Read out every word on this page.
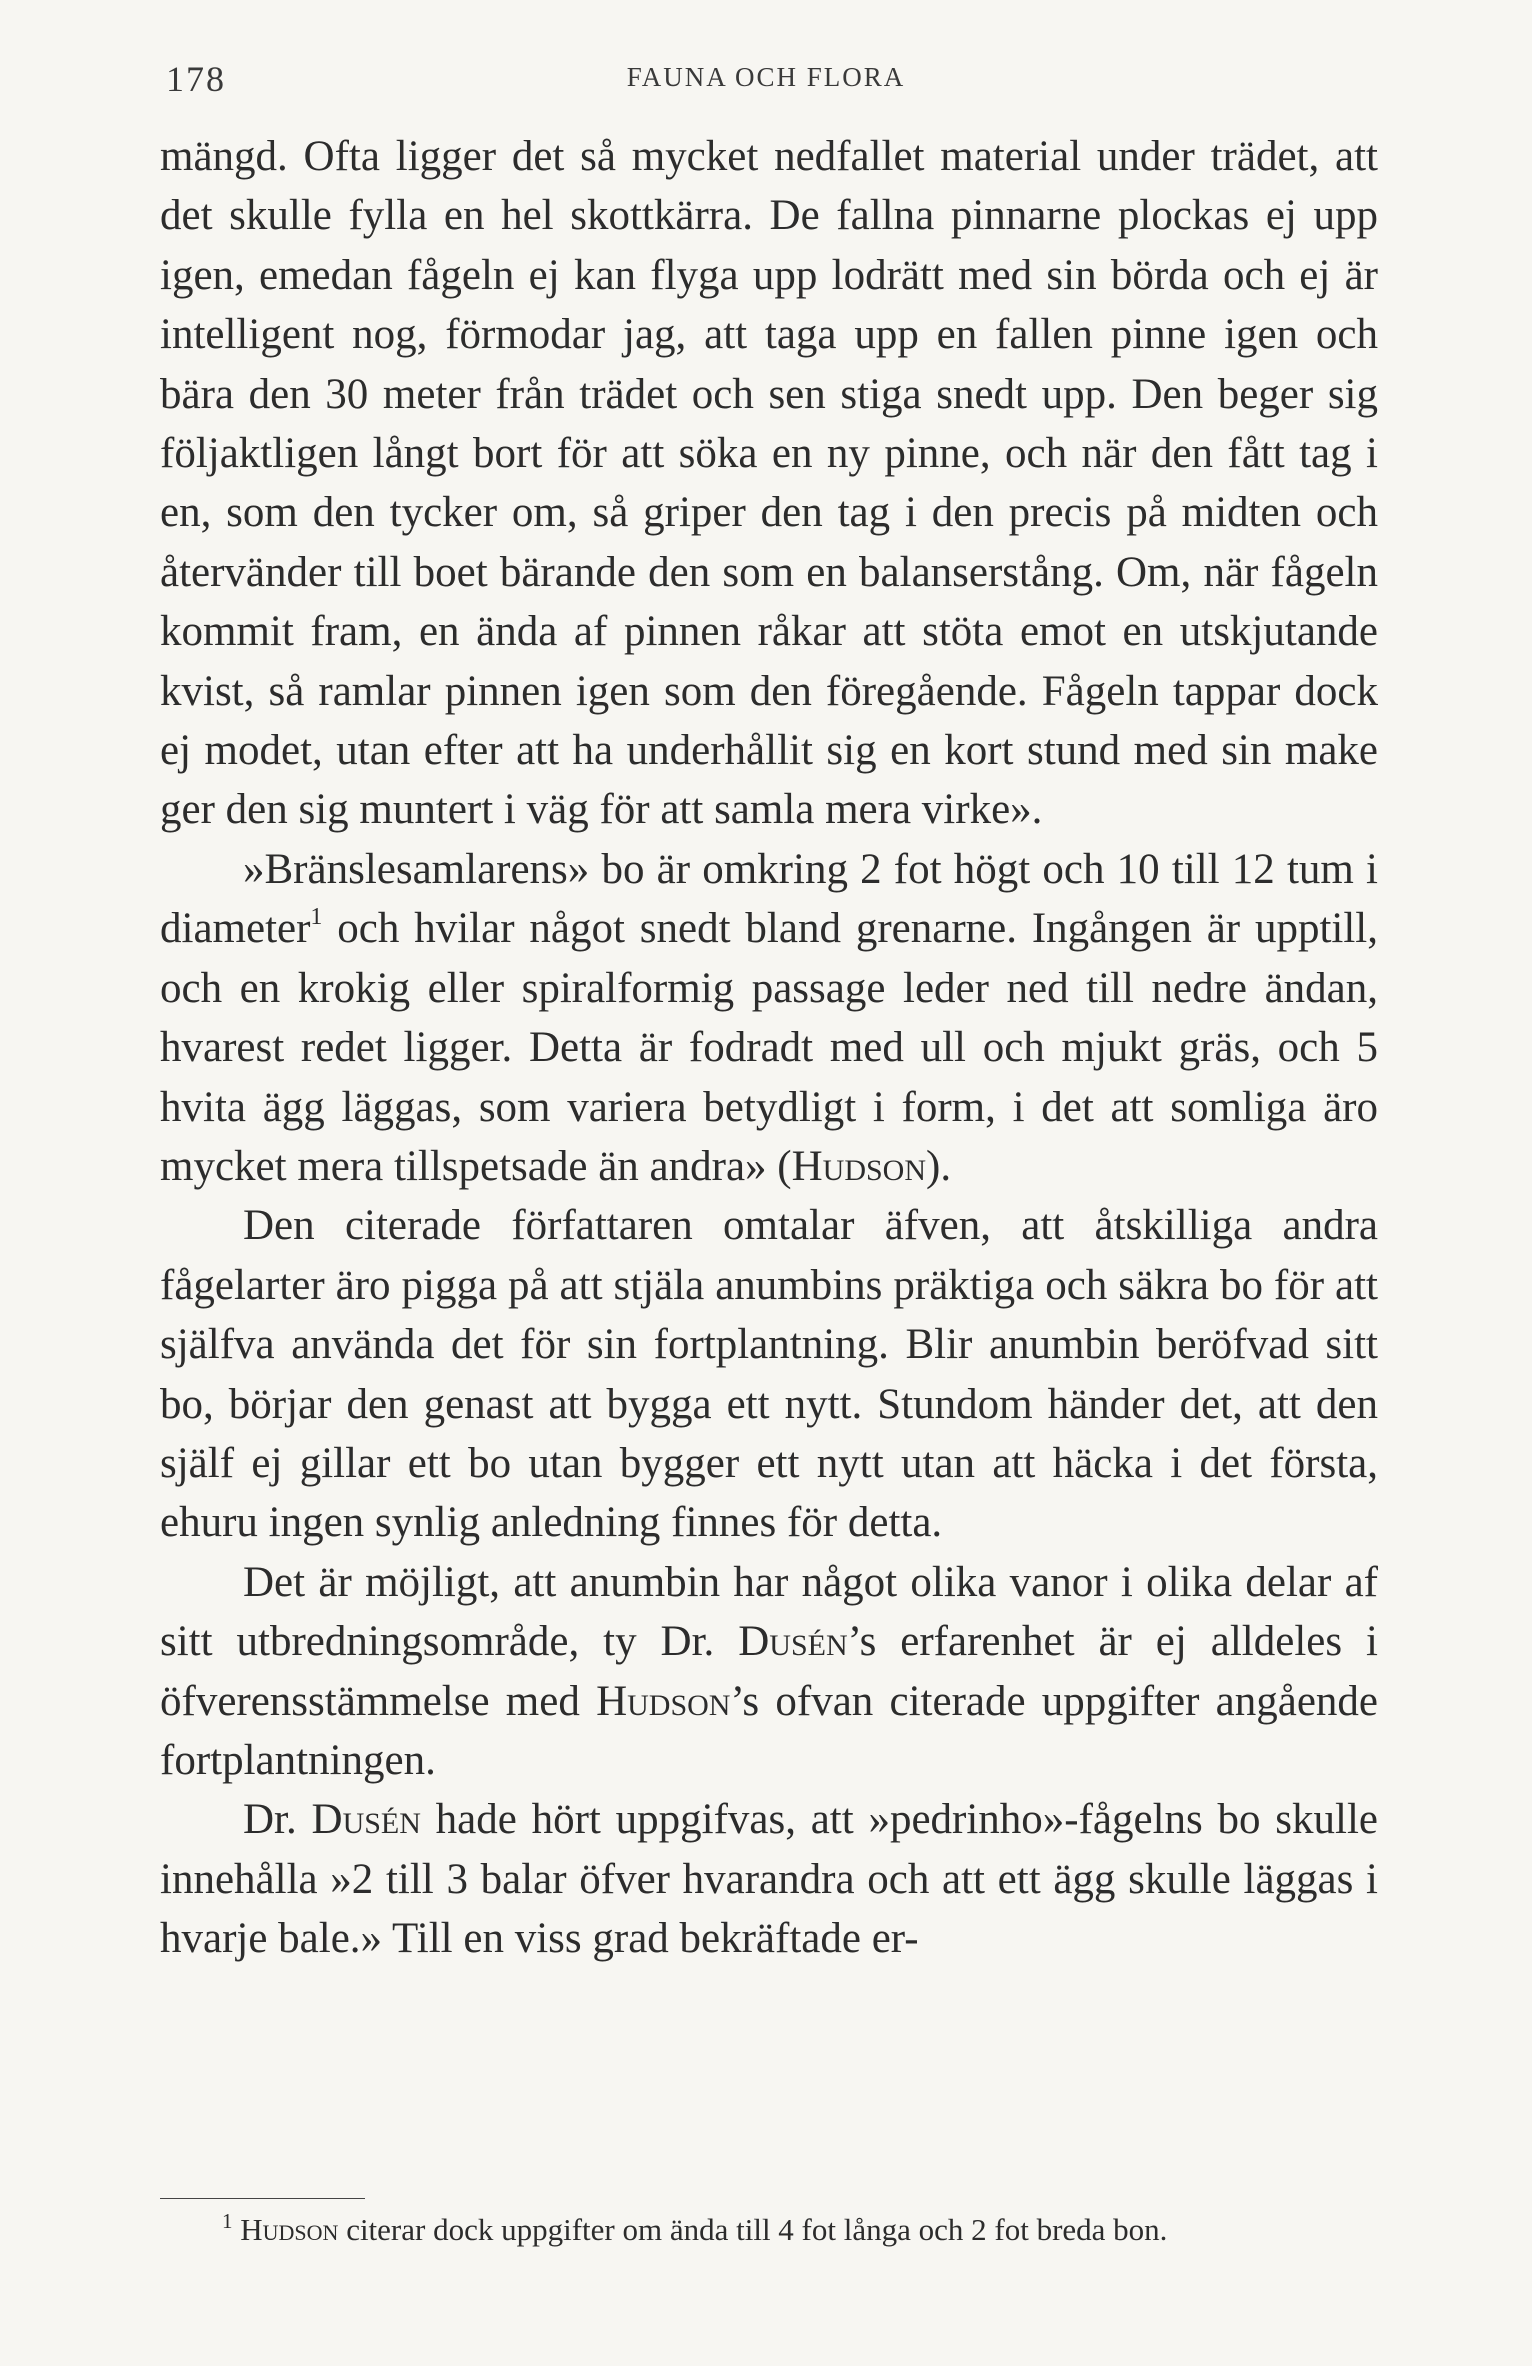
178	FAUNA OCH FLORA

mängd. Ofta ligger det så mycket nedfallet material under trädet, att det skulle fylla en hel skottkärra. De fallna pinnarne plockas ej upp igen, emedan fågeln ej kan flyga upp lodrätt med sin börda och ej är intelligent nog, förmodar jag, att taga upp en fallen pinne igen och bära den 30 meter från trädet och sen stiga snedt upp. Den beger sig följaktligen långt bort för att söka en ny pinne, och när den fått tag i en, som den tycker om, så griper den tag i den precis på midten och återvänder till boet bärande den som en balanserstång. Om, när fågeln kommit fram, en ända af pinnen råkar att stöta emot en utskjutande kvist, så ramlar pinnen igen som den föregående. Fågeln tappar dock ej modet, utan efter att ha underhållit sig en kort stund med sin make ger den sig muntert i väg för att samla mera virke».

»Bränslesamlarens» bo är omkring 2 fot högt och 10 till 12 tum i diameter$^1$ och hvilar något snedt bland grenarne. Ingången är upptill, och en krokig eller spiralformig passage leder ned till nedre ändan, hvarest redet ligger. Detta är fodradt med ull och mjukt gräs, och 5 hvita ägg läggas, som variera betydligt i form, i det att somliga äro mycket mera tillspetsade än andra» (Hudson).

Den citerade författaren omtalar äfven, att åtskilliga andra fågelarter äro pigga på att stjäla anumbins präktiga och säkra bo för att själfva använda det för sin fortplantning. Blir anumbin beröfvad sitt bo, börjar den genast att bygga ett nytt. Stundom händer det, att den själf ej gillar ett bo utan bygger ett nytt utan att häcka i det första, ehuru ingen synlig anledning finnes för detta.

Det är möjligt, att anumbin har något olika vanor i olika delar af sitt utbredningsområde, ty Dr. Dusén’s erfarenhet är ej alldeles i öfverensstämmelse med Hudson’s ofvan citerade uppgifter angående fortplantningen.

Dr. Dusén hade hört uppgifvas, att »pedrinho»-fågelns bo skulle innehålla »2 till 3 balar öfver hvarandra och att ett ägg skulle läggas i hvarje bale.» Till en viss grad bekräftade er-

$^1$ Hudson citerar dock uppgifter om ända till 4 fot långa och 2 fot breda bon.
